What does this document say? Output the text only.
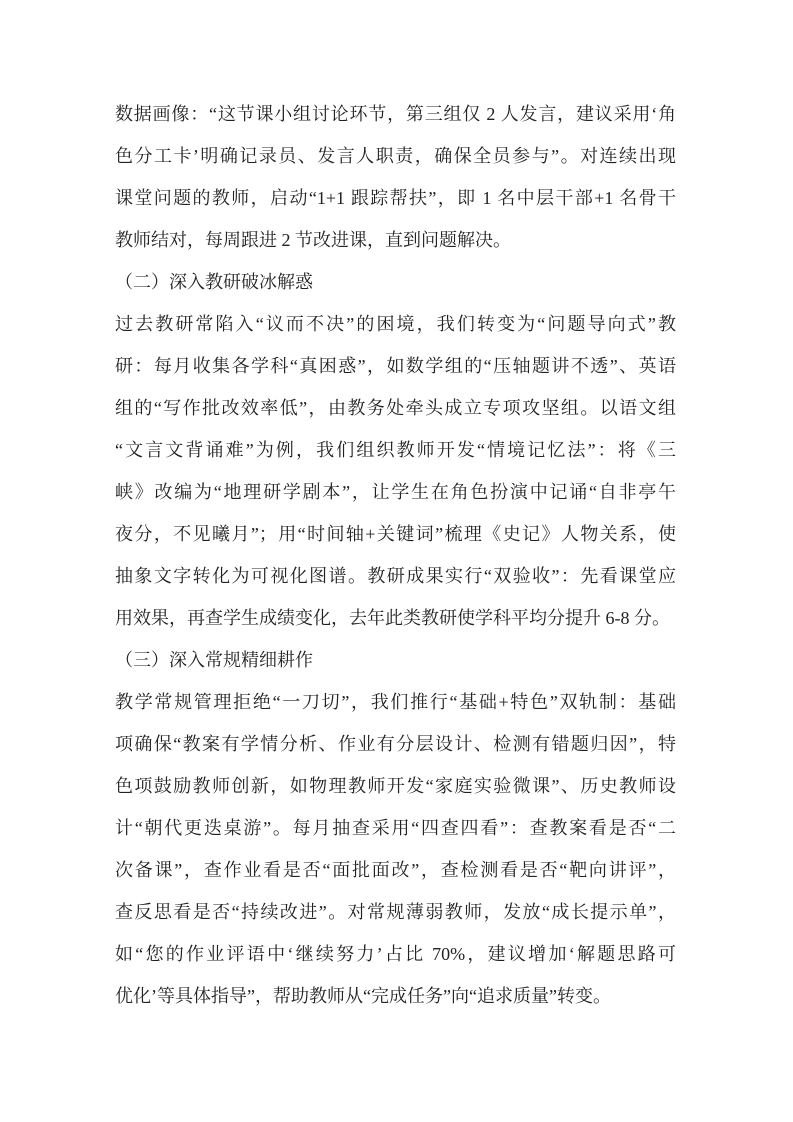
数据画像：“这节课小组讨论环节，第三组仅 2 人发言，建议采用‘角
色分工卡’明确记录员、发言人职责，确保全员参与”。对连续出现
课堂问题的教师，启动“1+1 跟踪帮扶”，即 1 名中层干部+1 名骨干
教师结对，每周跟进 2 节改进课，直到问题解决。
（二）深入教研破冰解惑
过去教研常陷入“议而不决”的困境，我们转变为“问题导向式”教
研：每月收集各学科“真困惑”，如数学组的“压轴题讲不透”、英语
组的“写作批改效率低”，由教务处牵头成立专项攻坚组。以语文组
“文言文背诵难”为例，我们组织教师开发“情境记忆法”：将《三
峡》改编为“地理研学剧本”，让学生在角色扮演中记诵“自非亭午
夜分，不见曦月”；用“时间轴+关键词”梳理《史记》人物关系，使
抽象文字转化为可视化图谱。教研成果实行“双验收”：先看课堂应
用效果，再查学生成绩变化，去年此类教研使学科平均分提升 6-8 分。
（三）深入常规精细耕作
教学常规管理拒绝“一刀切”，我们推行“基础+特色”双轨制：基础
项确保“教案有学情分析、作业有分层设计、检测有错题归因”，特
色项鼓励教师创新，如物理教师开发“家庭实验微课”、历史教师设
计“朝代更迭桌游”。每月抽查采用“四查四看”：查教案看是否“二
次备课”，查作业看是否“面批面改”，查检测看是否“靶向讲评”，
查反思看是否“持续改进”。对常规薄弱教师，发放“成长提示单”，
如“您的作业评语中‘继续努力’占比 70%，建议增加‘解题思路可
优化’等具体指导”，帮助教师从“完成任务”向“追求质量”转变。
